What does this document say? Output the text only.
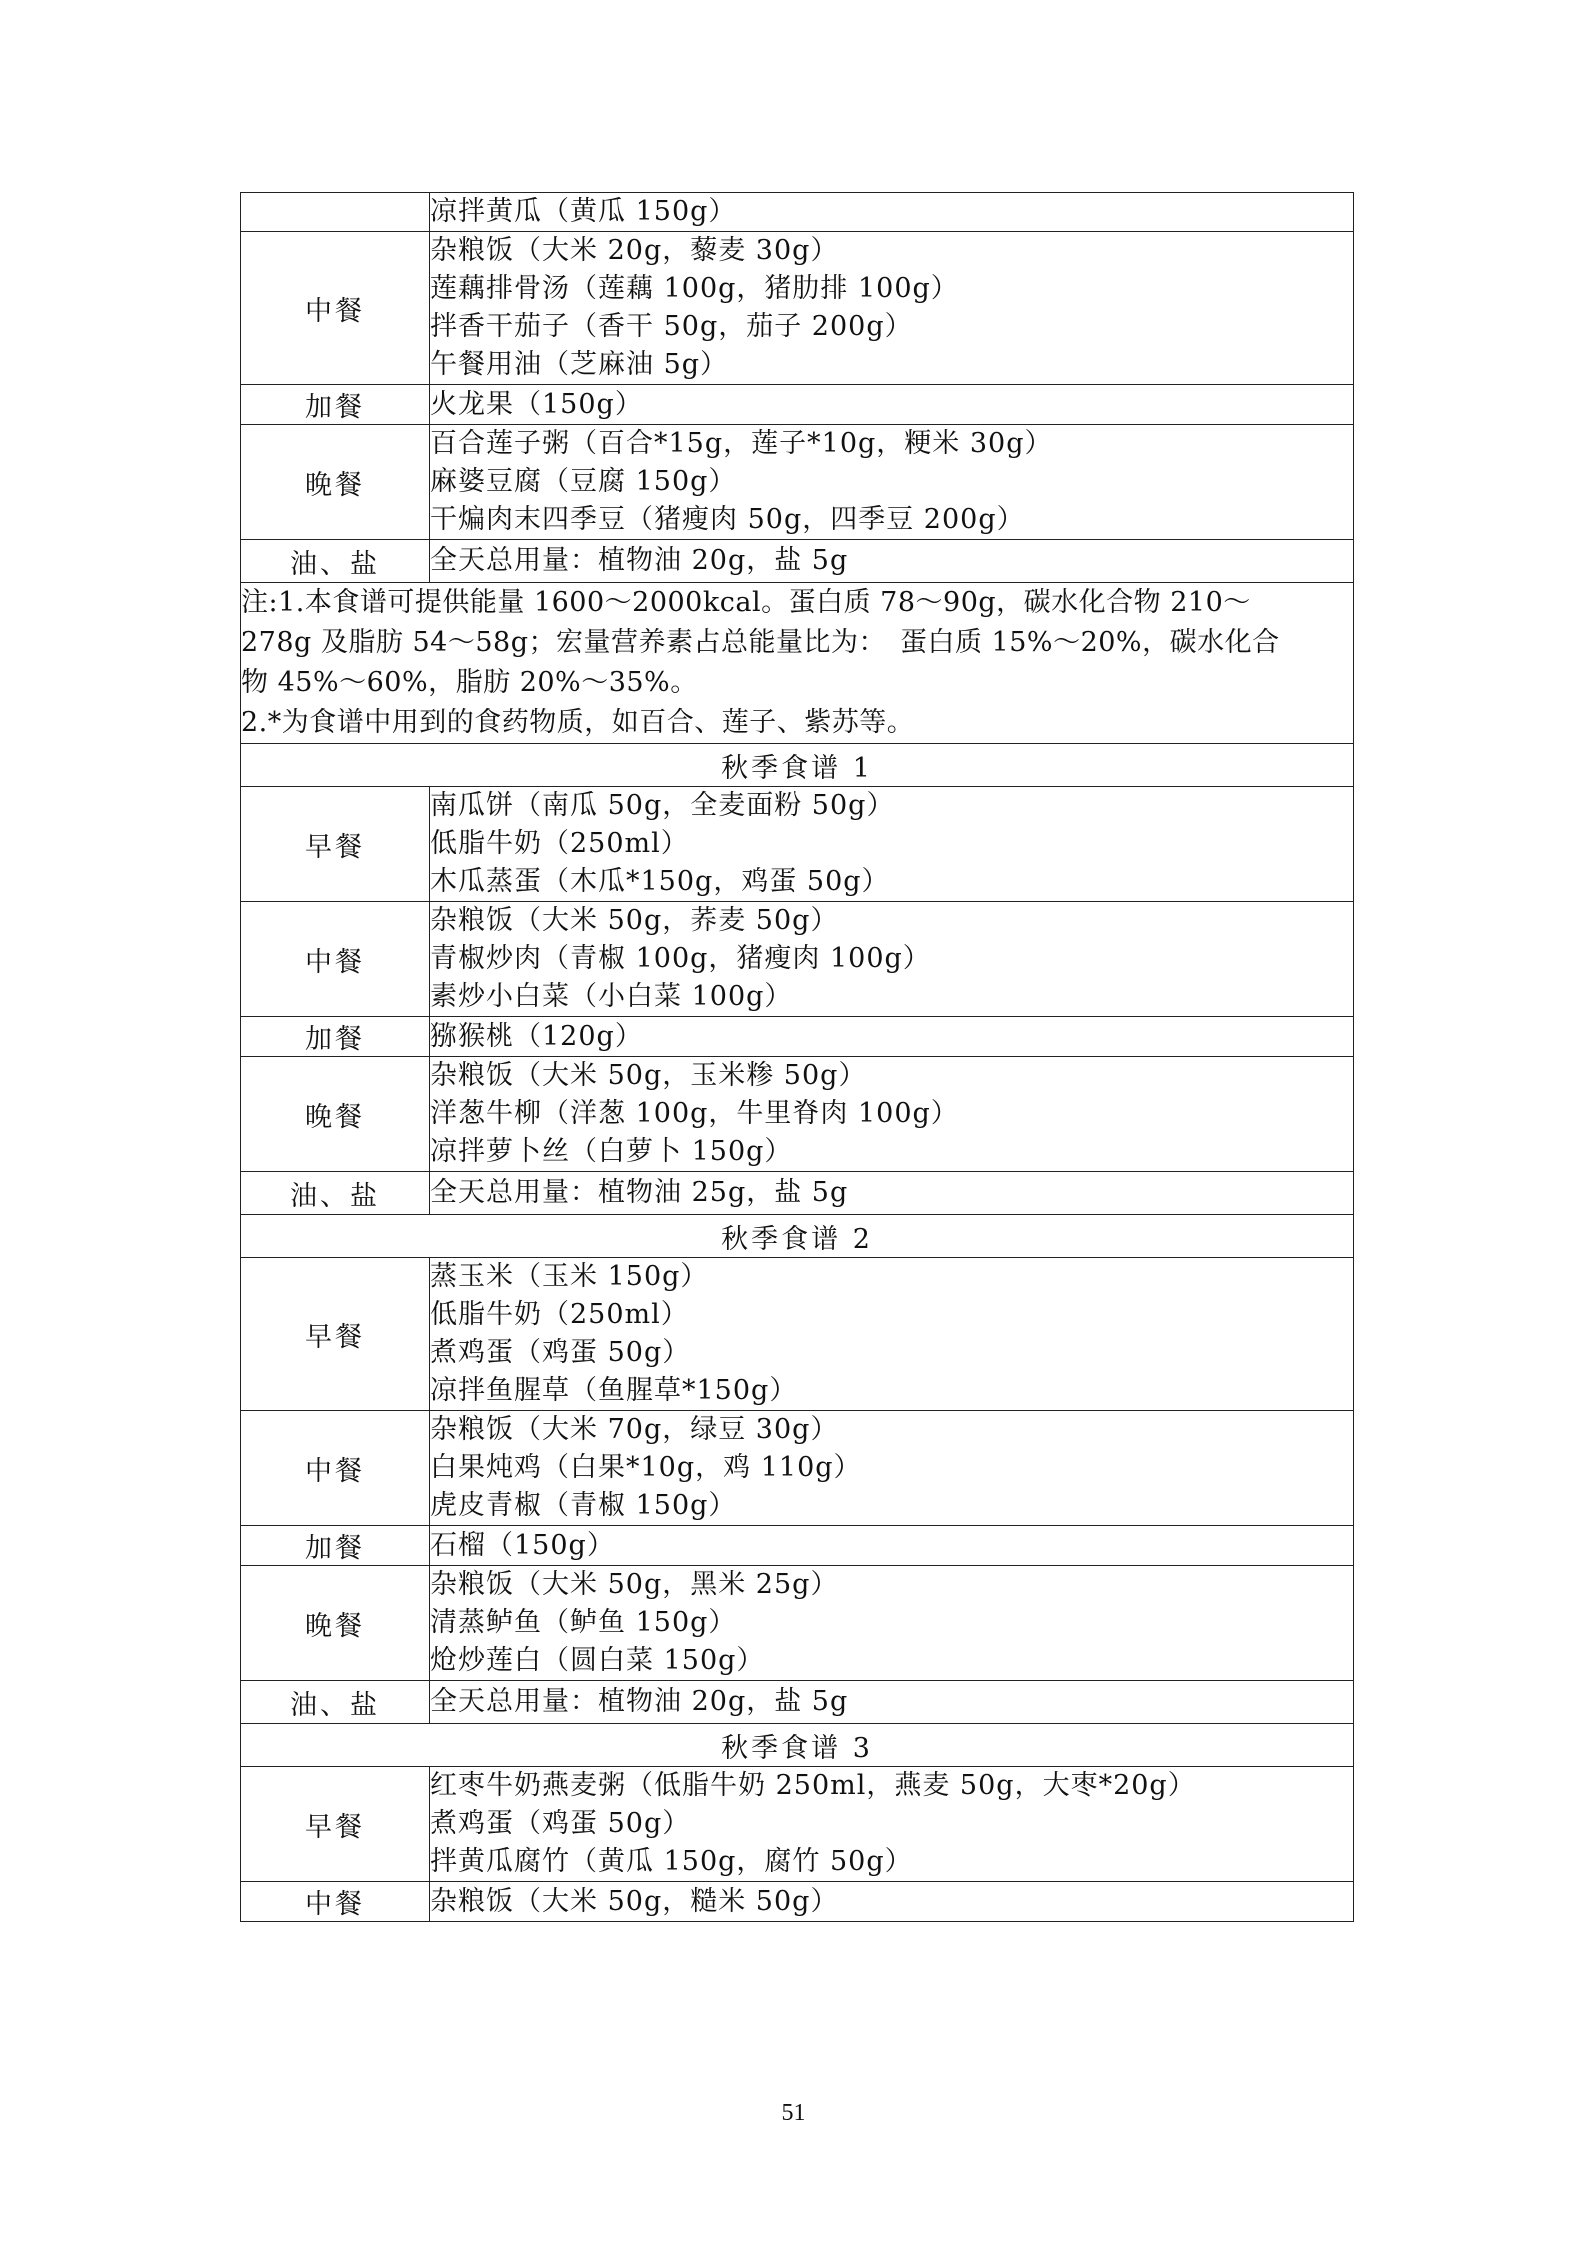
	凉拌黄瓜（黄瓜 150g）

中餐	杂粮饭（大米 20g，藜麦 30g）
莲藕排骨汤（莲藕 100g，猪肋排 100g）
拌香干茄子（香干 50g，茄子 200g）
午餐用油（芝麻油 5g）

加餐	火龙果（150g）

晚餐	百合莲子粥（百合*15g，莲子*10g，粳米 30g）
麻婆豆腐（豆腐 150g）
干煸肉末四季豆（猪瘦肉 50g，四季豆 200g）

油、盐	全天总用量：植物油 20g，盐 5g

注:1.本食谱可提供能量 1600～2000kcal。蛋白质 78～90g，碳水化合物 210～
278g 及脂肪 54～58g；宏量营养素占总能量比为：　蛋白质 15%～20%，碳水化合
物 45%～60%，脂肪 20%～35%。
2.*为食谱中用到的食药物质，如百合、莲子、紫苏等。	

秋季食谱 1	
早餐	南瓜饼（南瓜 50g，全麦面粉 50g）
低脂牛奶（250ml）
木瓜蒸蛋（木瓜*150g，鸡蛋 50g）

中餐	杂粮饭（大米 50g，荞麦 50g）
青椒炒肉（青椒 100g，猪瘦肉 100g）
素炒小白菜（小白菜 100g）

加餐	猕猴桃（120g）

晚餐	杂粮饭（大米 50g，玉米糁 50g）
洋葱牛柳（洋葱 100g，牛里脊肉 100g）
凉拌萝卜丝（白萝卜 150g）

油、盐	全天总用量：植物油 25g，盐 5g

秋季食谱 2	
早餐	蒸玉米（玉米 150g）
低脂牛奶（250ml）
煮鸡蛋（鸡蛋 50g）
凉拌鱼腥草（鱼腥草*150g）

中餐	杂粮饭（大米 70g，绿豆 30g）
白果炖鸡（白果*10g，鸡 110g）
虎皮青椒（青椒 150g）

加餐	石榴（150g）

晚餐	杂粮饭（大米 50g，黑米 25g）
清蒸鲈鱼（鲈鱼 150g）
炝炒莲白（圆白菜 150g）

油、盐	全天总用量：植物油 20g，盐 5g

秋季食谱 3	
早餐	红枣牛奶燕麦粥（低脂牛奶 250ml，燕麦 50g，大枣*20g）
煮鸡蛋（鸡蛋 50g）
拌黄瓜腐竹（黄瓜 150g，腐竹 50g）

中餐	杂粮饭（大米 50g，糙米 50g）
51
